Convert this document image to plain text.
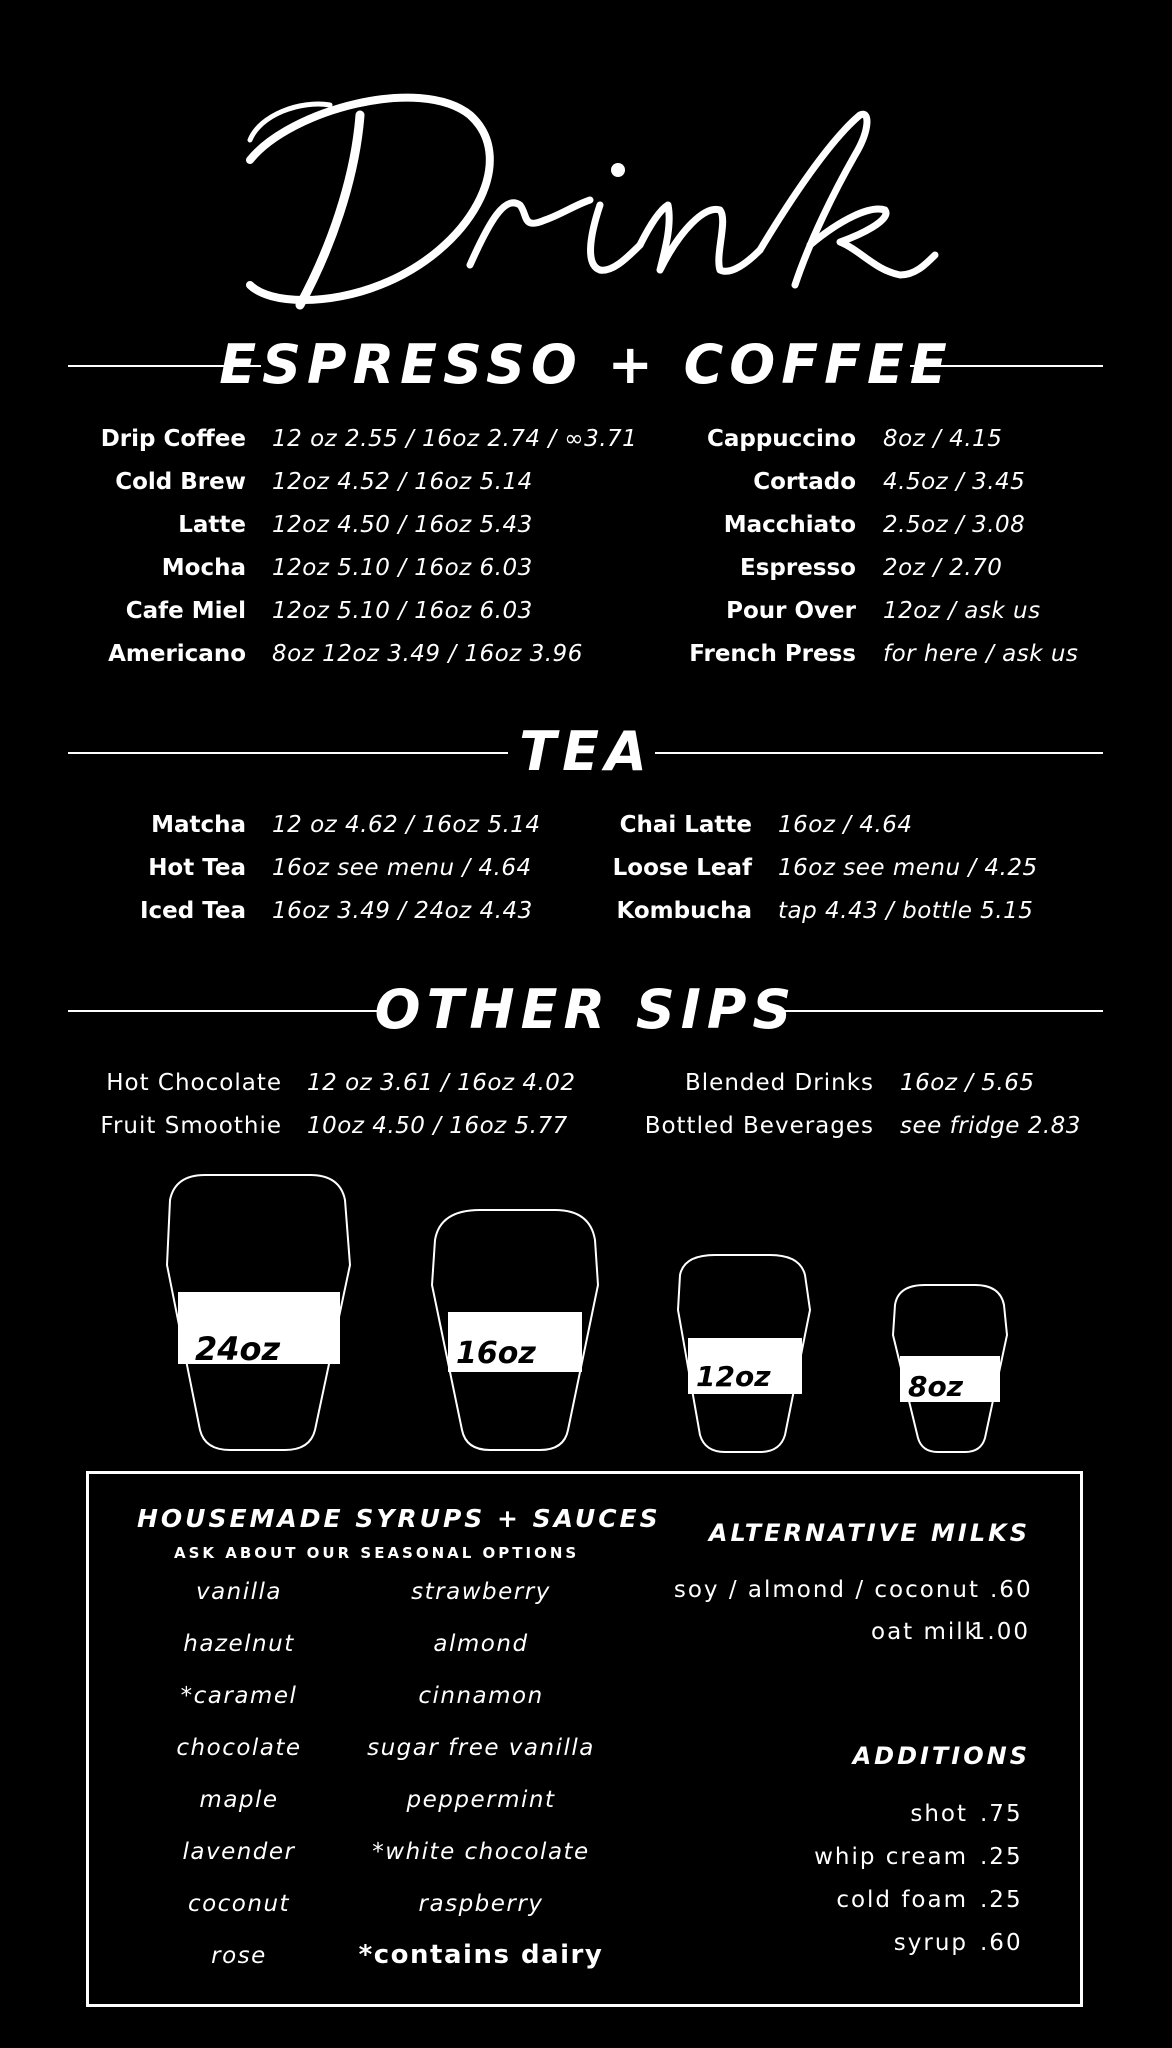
ESPRESSO + COFFEE
Drip Coffee 12 oz 2.55 / 16oz 2.74 / ∞3.71
Cold Brew 12oz 4.52 / 16oz 5.14
Latte 12oz 4.50 / 16oz 5.43
Mocha 12oz 5.10 / 16oz 6.03
Cafe Miel 12oz 5.10 / 16oz 6.03
Americano 8oz 12oz 3.49 / 16oz 3.96
Cappuccino 8oz / 4.15
Cortado 4.5oz / 3.45
Macchiato 2.5oz / 3.08
Espresso 2oz / 2.70
Pour Over 12oz / ask us
French Press for here / ask us
TEA
Matcha 12 oz 4.62 / 16oz 5.14
Hot Tea 16oz see menu / 4.64
Iced Tea 16oz 3.49 / 24oz 4.43
Chai Latte 16oz / 4.64
Loose Leaf 16oz see menu / 4.25
Kombucha tap 4.43 / bottle 5.15
OTHER SIPS
Hot Chocolate 12 oz 3.61 / 16oz 4.02
Fruit Smoothie 10oz 4.50 / 16oz 5.77
Blended Drinks 16oz / 5.65
Bottled Beverages see fridge 2.83
iced teas only!
24oz	16oz
12oz	8oz
HOUSEMADE SYRUPS + SAUCES
ASK ABOUT OUR SEASONAL OPTIONS
vanilla
hazelnut
*caramel
chocolate
maple
lavender
coconut
rose
strawberry
almond
cinnamon
sugar free vanilla
peppermint
*white chocolate
raspberry
*contains dairy
ALTERNATIVE MILKS
soy / almond / coconut .60
oat milk
1.00
ADDITIONS
shot .75
whip cream .25
cold foam .25
syrup .60
